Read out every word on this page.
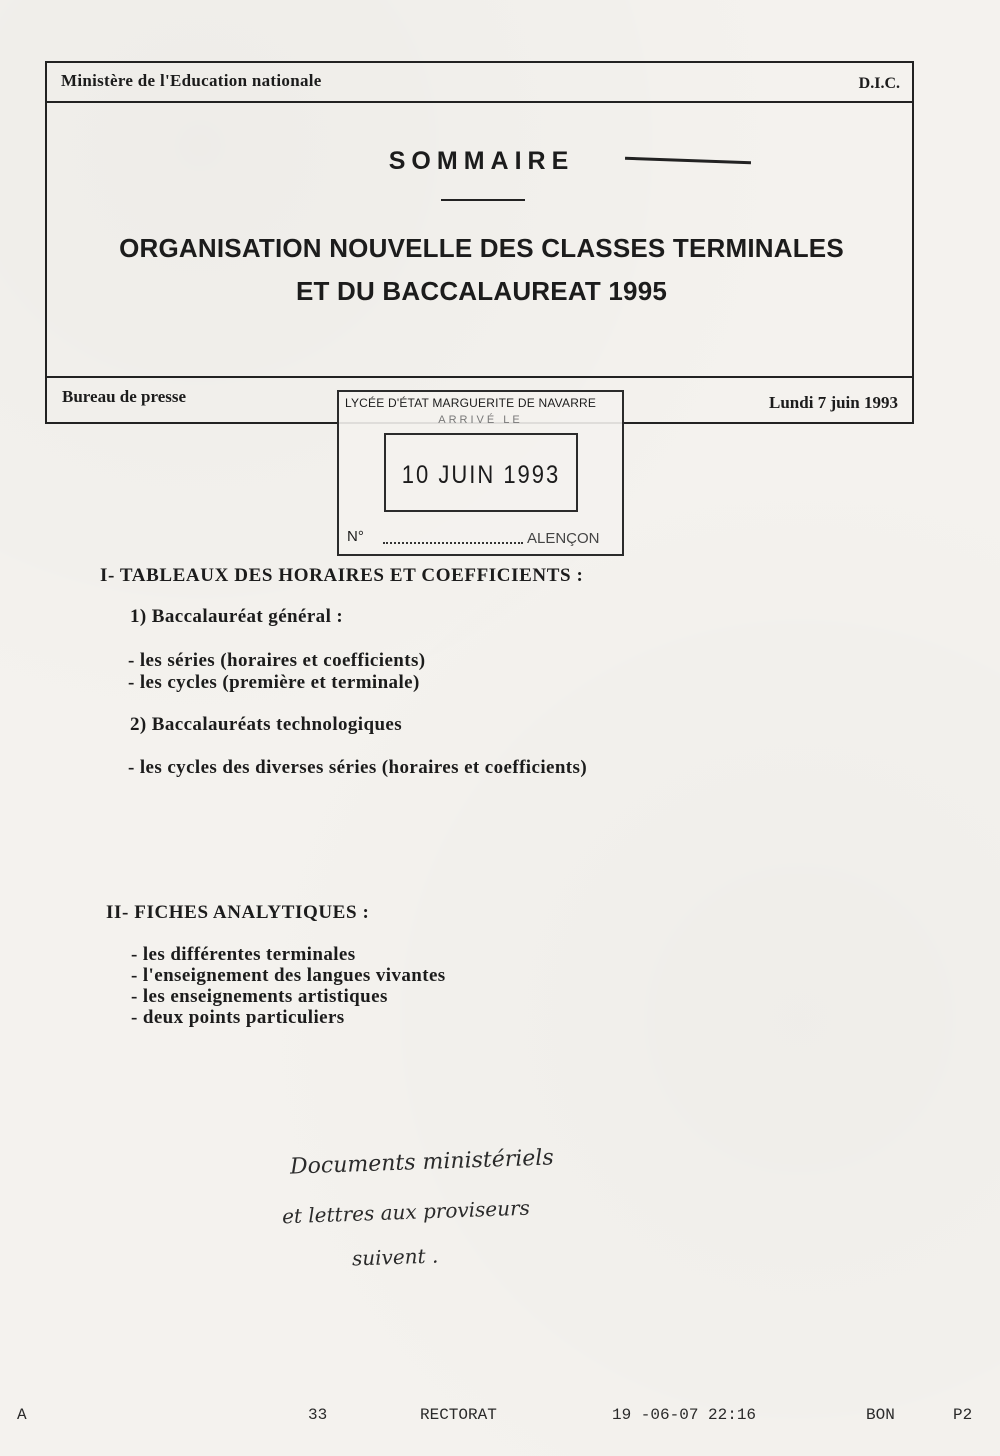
Ministère de l'Education nationale	D.I.C.
SOMMAIRE
ORGANISATION NOUVELLE DES CLASSES TERMINALES
ET DU BACCALAUREAT 1995
Bureau de presse	Lundi 7 juin 1993
LYCÉE D'ÉTAT MARGUERITE DE NAVARRE
ARRIVÉ LE
10 JUIN 1993
N°	ALENÇON
I- TABLEAUX DES HORAIRES ET COEFFICIENTS :
1) Baccalauréat général :
- les séries (horaires et coefficients)
- les cycles (première et terminale)
2) Baccalauréats technologiques
- les cycles des diverses séries (horaires et coefficients)
II- FICHES ANALYTIQUES :
- les différentes terminales
- l'enseignement des langues vivantes
- les enseignements artistiques
- deux points particuliers
Documents ministériels
et lettres aux proviseurs
suivent .
A	33	RECTORAT	19 -06-07 22:16	BON	P2
